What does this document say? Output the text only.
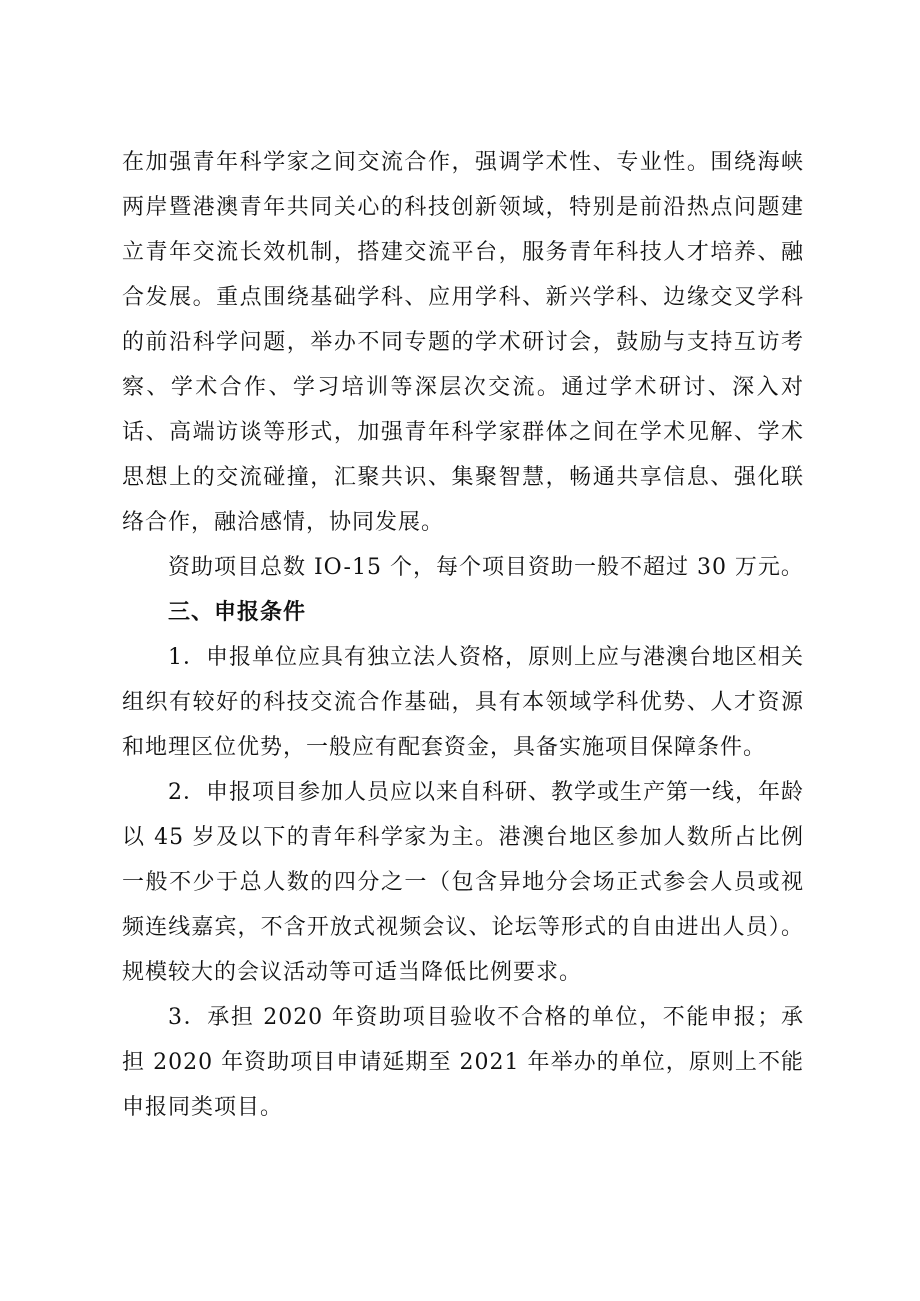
在加强青年科学家之间交流合作，强调学术性、专业性。围绕海峡两岸暨港澳青年共同关心的科技创新领域，特别是前沿热点问题建立青年交流长效机制，搭建交流平台，服务青年科技人才培养、融合发展。重点围绕基础学科、应用学科、新兴学科、边缘交叉学科的前沿科学问题，举办不同专题的学术研讨会，鼓励与支持互访考察、学术合作、学习培训等深层次交流。通过学术研讨、深入对话、高端访谈等形式，加强青年科学家群体之间在学术见解、学术思想上的交流碰撞，汇聚共识、集聚智慧，畅通共享信息、强化联络合作，融洽感情，协同发展。

资助项目总数 IO-15 个，每个项目资助一般不超过 30 万元。

三、申报条件

1．申报单位应具有独立法人资格，原则上应与港澳台地区相关组织有较好的科技交流合作基础，具有本领域学科优势、人才资源和地理区位优势，一般应有配套资金，具备实施项目保障条件。

2．申报项目参加人员应以来自科研、教学或生产第一线，年龄以 45 岁及以下的青年科学家为主。港澳台地区参加人数所占比例一般不少于总人数的四分之一（包含异地分会场正式参会人员或视频连线嘉宾，不含开放式视频会议、论坛等形式的自由进出人员）。规模较大的会议活动等可适当降低比例要求。

3．承担 2020 年资助项目验收不合格的单位，不能申报；承担 2020 年资助项目申请延期至 2021 年举办的单位，原则上不能申报同类项目。
